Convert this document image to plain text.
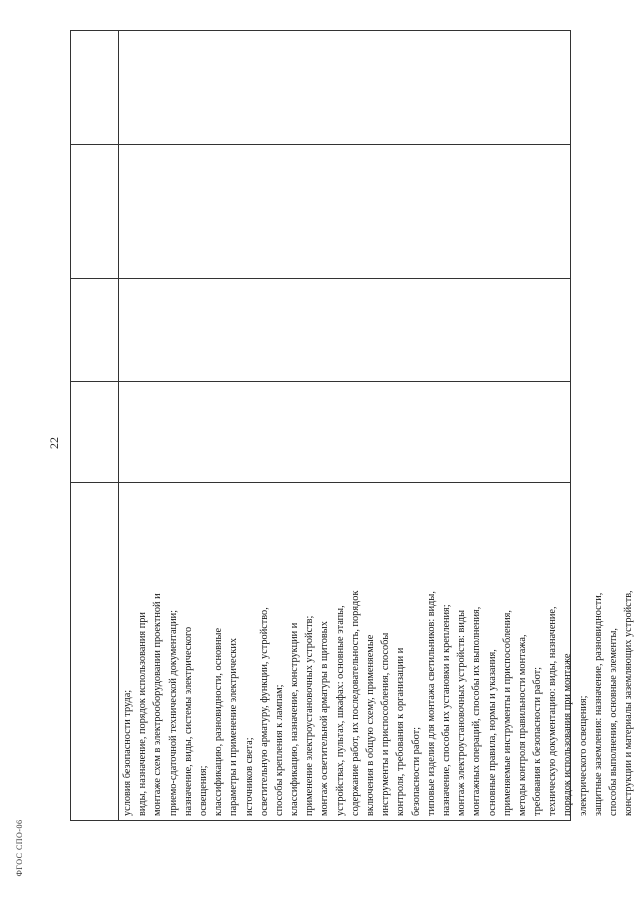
22
условия безопасности труда; виды, назначение, порядок использования при монтаже схем в электрооборудовании проектной и приемо-сдаточной технической документации; назначение, виды, системы электрического освещения; классификацию, разновидности, основные параметры и применение электрических источников света; осветительную арматуру, функции, устройство, способы крепления к лампам; классификацию, назначение, конструкции и применение электроустановочных устройств; монтаж осветительной арматуры в щитовых устройствах, пультах, шкафах: основные этапы, содержание работ, их последовательность, порядок включения в общую схему, применяемые инструменты и приспособления, способы контроля, требования к организации и безопасности работ; типовые изделия для монтажа светильников: виды, назначение, способы их установки и крепления; монтаж электроустановочных устройств: виды монтажных операций, способы их выполнения, основные правила, нормы и указания, применяемые инструменты и приспособления, методы контроля правильности монтажа, требования к безопасности работ; техническую документацию: виды, назначение, порядок использования при монтаже электрического освещения; защитные заземления: назначение, разновидности, способы выполнения, основные элементы, конструкции и материалы заземляющих устройств,
ФГОС СПО-06
